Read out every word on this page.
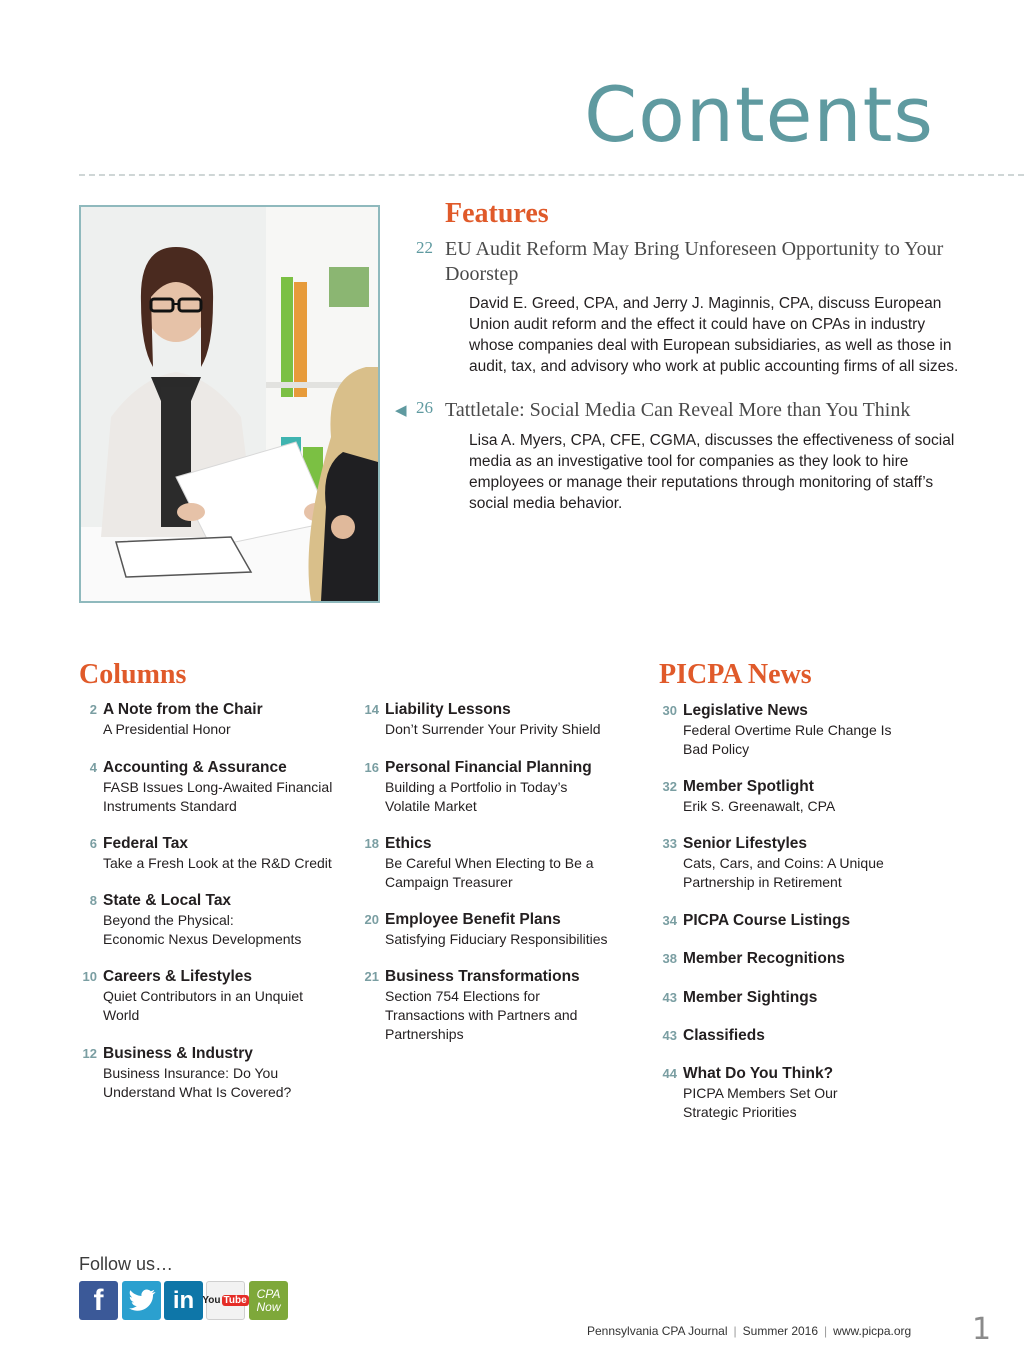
Contents
Features
22 EU Audit Reform May Bring Unforeseen Opportunity to Your Doorstep
David E. Greed, CPA, and Jerry J. Maginnis, CPA, discuss European Union audit reform and the effect it could have on CPAs in industry whose companies deal with European subsidiaries, as well as those in audit, tax, and advisory who work at public accounting firms of all sizes.
◀ 26 Tattletale: Social Media Can Reveal More than You Think
Lisa A. Myers, CPA, CFE, CGMA, discusses the effectiveness of social media as an investigative tool for companies as they look to hire employees or manage their reputations through monitoring of staff’s social media behavior.
Columns	PICPA News
2 A Note from the Chair
A Presidential Honor
4 Accounting & Assurance
FASB Issues Long-Awaited Financial
Instruments Standard
6 Federal Tax
Take a Fresh Look at the R&D Credit
8 State & Local Tax
Beyond the Physical:
Economic Nexus Developments
10 Careers & Lifestyles
Quiet Contributors in an Unquiet
World
12 Business & Industry
Business Insurance: Do You
Understand What Is Covered?
14 Liability Lessons
Don’t Surrender Your Privity Shield
16 Personal Financial Planning
Building a Portfolio in Today’s
Volatile Market
18 Ethics
Be Careful When Electing to Be a
Campaign Treasurer
20 Employee Benefit Plans
Satisfying Fiduciary Responsibilities
21 Business Transformations
Section 754 Elections for
Transactions with Partners and
Partnerships
30 Legislative News
Federal Overtime Rule Change Is
Bad Policy
32 Member Spotlight
Erik S. Greenawalt, CPA
33 Senior Lifestyles
Cats, Cars, and Coins: A Unique
Partnership in Retirement
34 PICPA Course Listings
38 Member Recognitions
43 Member Sightings
43 Classifieds
44 What Do You Think?
PICPA Members Set Our
Strategic Priorities
Follow us…
f	in You Tube CPA
Now
Pennsylvania CPA Journal | Summer 2016 | www.picpa.org 1
